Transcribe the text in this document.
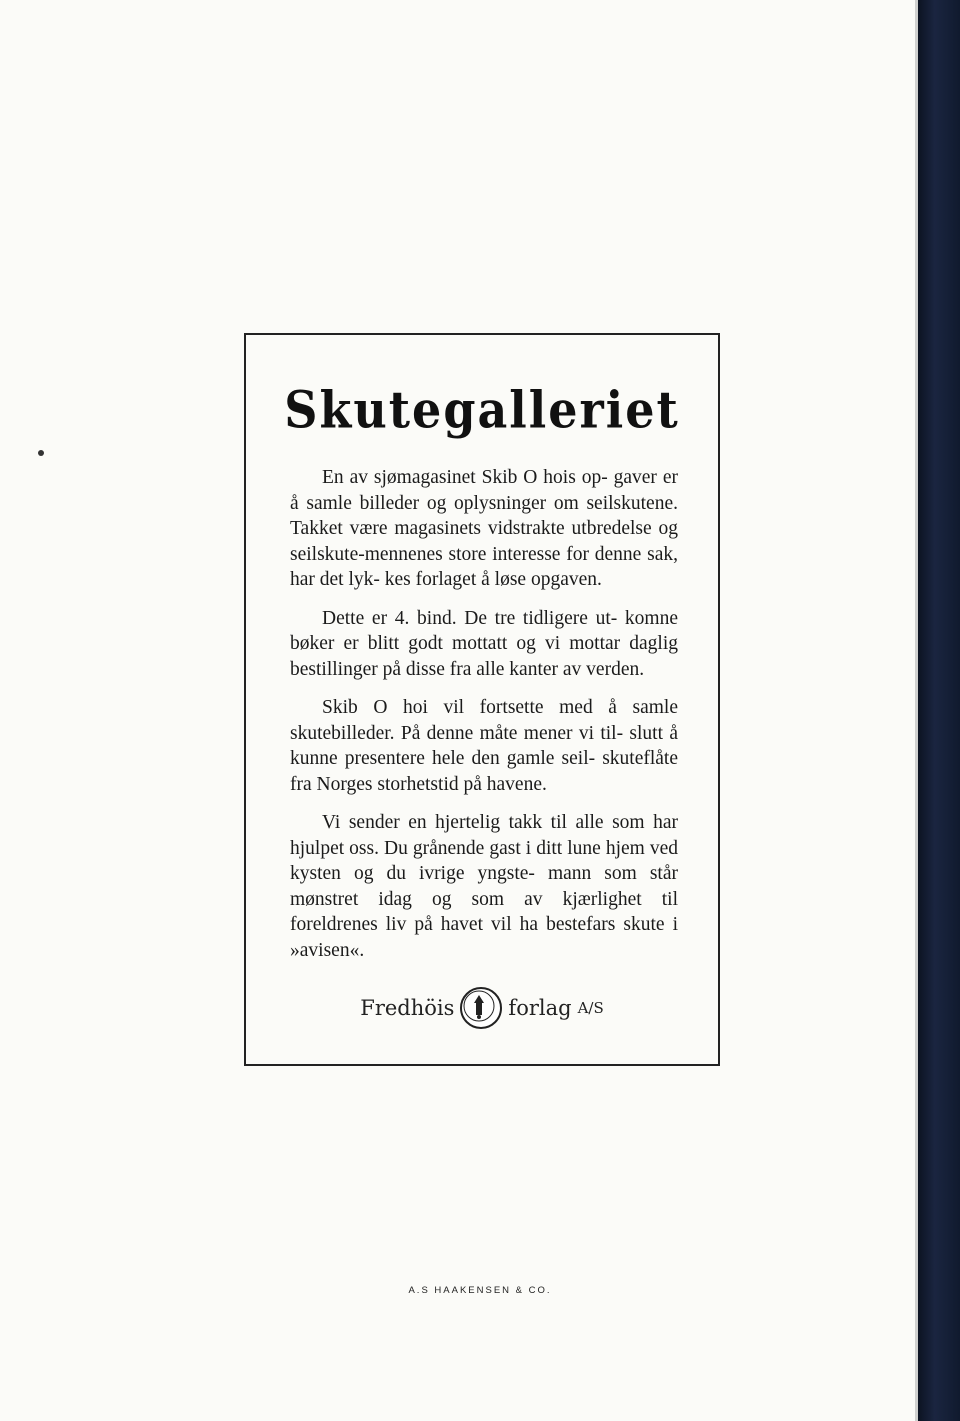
Skutegalleriet

En av sjømagasinet Skib O hois op- gaver er å samle billeder og oplysninger om seilskutene. Takket være magasinets vidstrakte utbredelse og seilskute-mennenes store interesse for denne sak, har det lyk- kes forlaget å løse opgaven.

Dette er 4. bind. De tre tidligere ut- komne bøker er blitt godt mottatt og vi mottar daglig bestillinger på disse fra alle kanter av verden.

Skib O hoi vil fortsette med å samle skutebilleder. På denne måte mener vi til- slutt å kunne presentere hele den gamle seil- skuteflåte fra Norges storhetstid på havene.

Vi sender en hjertelig takk til alle som har hjulpet oss. Du grånende gast i ditt lune hjem ved kysten og du ivrige yngste- mann som står mønstret idag og som av kjærlighet til foreldrenes liv på havet vil ha bestefars skute i »avisen«.

Fredhöis	forlag A/S
A.S HAAKENSEN & CO.
